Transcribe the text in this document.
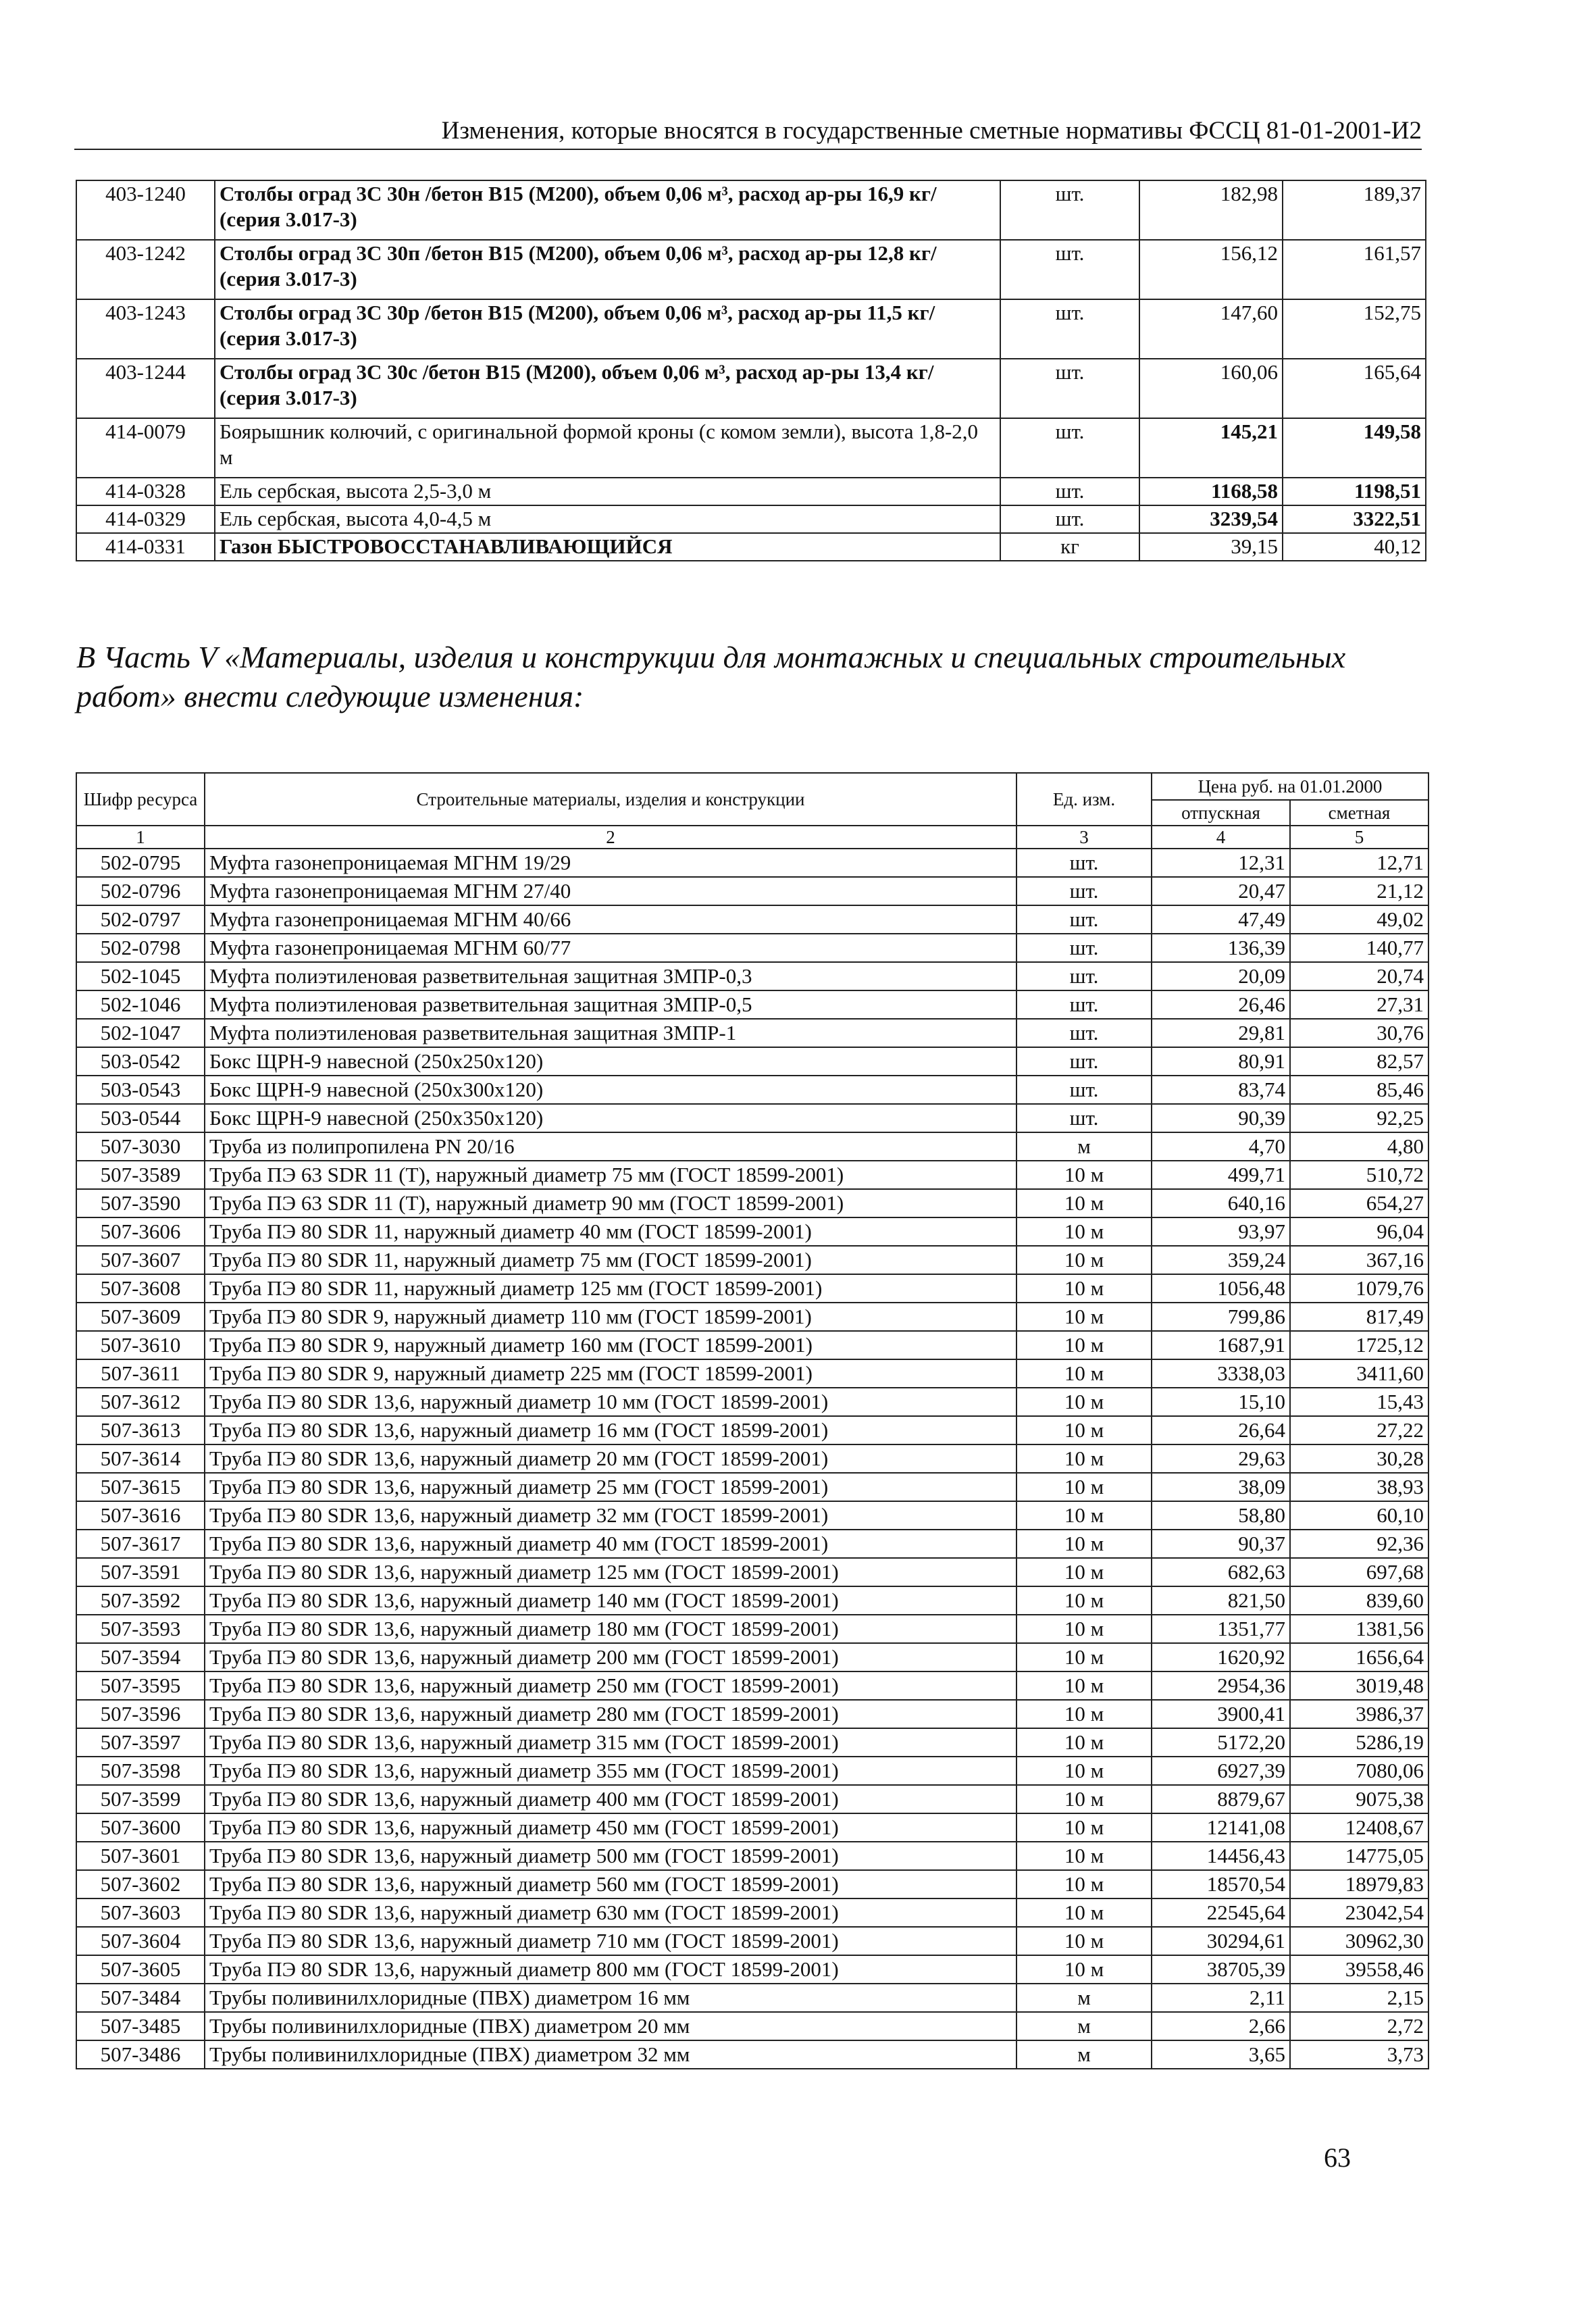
Изменения, которые вносятся в государственные сметные нормативы ФССЦ 81-01-2001-И2
403-1240	Столбы оград 3С 30н /бетон B15 (M200), объем 0,06 м³, расход ар-ры 16,9 кг/ (серия 3.017-3)	шт.	182,98	189,37
403-1242	Столбы оград 3С 30п /бетон B15 (M200), объем 0,06 м³, расход ар-ры 12,8 кг/ (серия 3.017-3)	шт.	156,12	161,57
403-1243	Столбы оград 3С 30р /бетон B15 (M200), объем 0,06 м³, расход ар-ры 11,5 кг/ (серия 3.017-3)	шт.	147,60	152,75
403-1244	Столбы оград 3С 30с /бетон B15 (M200), объем 0,06 м³, расход ар-ры 13,4 кг/ (серия 3.017-3)	шт.	160,06	165,64
414-0079	Боярышник колючий, с оригинальной формой кроны (с комом земли), высота 1,8-2,0 м	шт.	145,21	149,58
414-0328	Ель сербская, высота 2,5-3,0 м	шт.	1168,58	1198,51
414-0329	Ель сербская, высота 4,0-4,5 м	шт.	3239,54	3322,51
414-0331	Газон БЫСТРОВОССТАНАВЛИВАЮЩИЙСЯ	кг	39,15	40,12
В Часть V «Материалы, изделия и конструкции для монтажных и специальных строительных работ» внести следующие изменения:
Шифр ресурса	Строительные материалы, изделия и конструкции	Ед. изм.	Цена руб. на 01.01.2000	
			отпускная	сметная
1	2	3	4	5
502-0795	Муфта газонепроницаемая МГНМ 19/29	шт.	12,31	12,71
502-0796	Муфта газонепроницаемая МГНМ 27/40	шт.	20,47	21,12
502-0797	Муфта газонепроницаемая МГНМ 40/66	шт.	47,49	49,02
502-0798	Муфта газонепроницаемая МГНМ 60/77	шт.	136,39	140,77
502-1045	Муфта полиэтиленовая разветвительная защитная ЗМПР-0,3	шт.	20,09	20,74
502-1046	Муфта полиэтиленовая разветвительная защитная ЗМПР-0,5	шт.	26,46	27,31
502-1047	Муфта полиэтиленовая разветвительная защитная ЗМПР-1	шт.	29,81	30,76
503-0542	Бокс ЩРН-9 навесной (250x250x120)	шт.	80,91	82,57
503-0543	Бокс ЩРН-9 навесной (250x300x120)	шт.	83,74	85,46
503-0544	Бокс ЩРН-9 навесной (250x350x120)	шт.	90,39	92,25
507-3030	Труба из полипропилена PN 20/16	м	4,70	4,80
507-3589	Труба ПЭ 63 SDR 11 (Т), наружный диаметр 75 мм (ГОСТ 18599-2001)	10 м	499,71	510,72
507-3590	Труба ПЭ 63 SDR 11 (Т), наружный диаметр 90 мм (ГОСТ 18599-2001)	10 м	640,16	654,27
507-3606	Труба ПЭ 80 SDR 11, наружный диаметр 40 мм (ГОСТ 18599-2001)	10 м	93,97	96,04
507-3607	Труба ПЭ 80 SDR 11, наружный диаметр 75 мм (ГОСТ 18599-2001)	10 м	359,24	367,16
507-3608	Труба ПЭ 80 SDR 11, наружный диаметр 125 мм (ГОСТ 18599-2001)	10 м	1056,48	1079,76
507-3609	Труба ПЭ 80 SDR 9, наружный диаметр 110 мм (ГОСТ 18599-2001)	10 м	799,86	817,49
507-3610	Труба ПЭ 80 SDR 9, наружный диаметр 160 мм (ГОСТ 18599-2001)	10 м	1687,91	1725,12
507-3611	Труба ПЭ 80 SDR 9, наружный диаметр 225 мм (ГОСТ 18599-2001)	10 м	3338,03	3411,60
507-3612	Труба ПЭ 80 SDR 13,6, наружный диаметр 10 мм (ГОСТ 18599-2001)	10 м	15,10	15,43
507-3613	Труба ПЭ 80 SDR 13,6, наружный диаметр 16 мм (ГОСТ 18599-2001)	10 м	26,64	27,22
507-3614	Труба ПЭ 80 SDR 13,6, наружный диаметр 20 мм (ГОСТ 18599-2001)	10 м	29,63	30,28
507-3615	Труба ПЭ 80 SDR 13,6, наружный диаметр 25 мм (ГОСТ 18599-2001)	10 м	38,09	38,93
507-3616	Труба ПЭ 80 SDR 13,6, наружный диаметр 32 мм (ГОСТ 18599-2001)	10 м	58,80	60,10
507-3617	Труба ПЭ 80 SDR 13,6, наружный диаметр 40 мм (ГОСТ 18599-2001)	10 м	90,37	92,36
507-3591	Труба ПЭ 80 SDR 13,6, наружный диаметр 125 мм (ГОСТ 18599-2001)	10 м	682,63	697,68
507-3592	Труба ПЭ 80 SDR 13,6, наружный диаметр 140 мм (ГОСТ 18599-2001)	10 м	821,50	839,60
507-3593	Труба ПЭ 80 SDR 13,6, наружный диаметр 180 мм (ГОСТ 18599-2001)	10 м	1351,77	1381,56
507-3594	Труба ПЭ 80 SDR 13,6, наружный диаметр 200 мм (ГОСТ 18599-2001)	10 м	1620,92	1656,64
507-3595	Труба ПЭ 80 SDR 13,6, наружный диаметр 250 мм (ГОСТ 18599-2001)	10 м	2954,36	3019,48
507-3596	Труба ПЭ 80 SDR 13,6, наружный диаметр 280 мм (ГОСТ 18599-2001)	10 м	3900,41	3986,37
507-3597	Труба ПЭ 80 SDR 13,6, наружный диаметр 315 мм (ГОСТ 18599-2001)	10 м	5172,20	5286,19
507-3598	Труба ПЭ 80 SDR 13,6, наружный диаметр 355 мм (ГОСТ 18599-2001)	10 м	6927,39	7080,06
507-3599	Труба ПЭ 80 SDR 13,6, наружный диаметр 400 мм (ГОСТ 18599-2001)	10 м	8879,67	9075,38
507-3600	Труба ПЭ 80 SDR 13,6, наружный диаметр 450 мм (ГОСТ 18599-2001)	10 м	12141,08	12408,67
507-3601	Труба ПЭ 80 SDR 13,6, наружный диаметр 500 мм (ГОСТ 18599-2001)	10 м	14456,43	14775,05
507-3602	Труба ПЭ 80 SDR 13,6, наружный диаметр 560 мм (ГОСТ 18599-2001)	10 м	18570,54	18979,83
507-3603	Труба ПЭ 80 SDR 13,6, наружный диаметр 630 мм (ГОСТ 18599-2001)	10 м	22545,64	23042,54
507-3604	Труба ПЭ 80 SDR 13,6, наружный диаметр 710 мм (ГОСТ 18599-2001)	10 м	30294,61	30962,30
507-3605	Труба ПЭ 80 SDR 13,6, наружный диаметр 800 мм (ГОСТ 18599-2001)	10 м	38705,39	39558,46
507-3484	Трубы поливинилхлоридные (ПВХ) диаметром 16 мм	м	2,11	2,15
507-3485	Трубы поливинилхлоридные (ПВХ) диаметром 20 мм	м	2,66	2,72
507-3486	Трубы поливинилхлоридные (ПВХ) диаметром 32 мм	м	3,65	3,73
63
